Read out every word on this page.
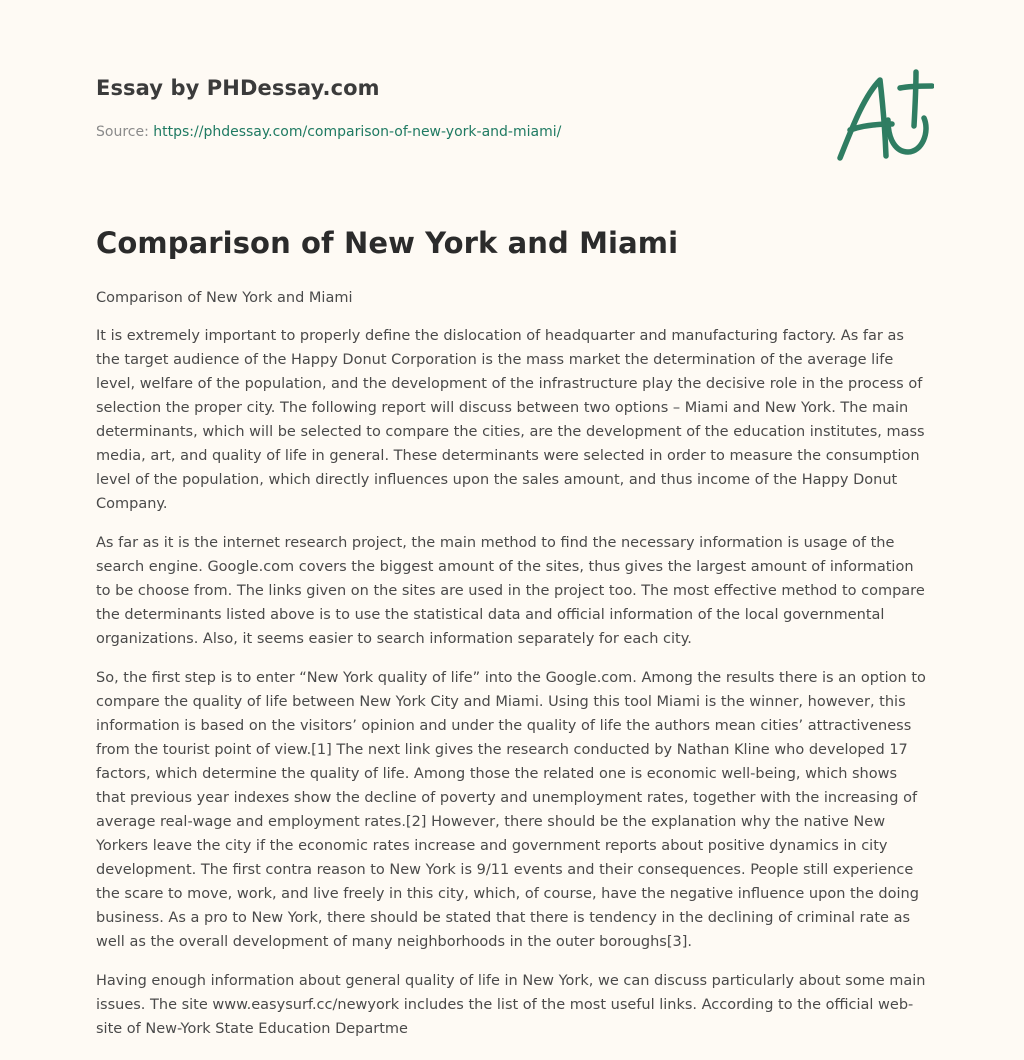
Essay by PHDessay.com
Source: https://phdessay.com/comparison-of-new-york-and-miami/
Comparison of New York and Miami

Comparison of New York and Miami

It is extremely important to properly define the dislocation of headquarter and manufacturing factory. As far as the target audience of the Happy Donut Corporation is the mass market the determination of the average life level, welfare of the population, and the development of the infrastructure play the decisive role in the process of selection the proper city. The following report will discuss between two options – Miami and New York. The main determinants, which will be selected to compare the cities, are the development of the education institutes, mass media, art, and quality of life in general. These determinants were selected in order to measure the consumption level of the population, which directly influences upon the sales amount, and thus income of the Happy Donut Company.

As far as it is the internet research project, the main method to find the necessary information is usage of the search engine. Google.com covers the biggest amount of the sites, thus gives the largest amount of information to be choose from. The links given on the sites are used in the project too. The most effective method to compare the determinants listed above is to use the statistical data and official information of the local governmental organizations. Also, it seems easier to search information separately for each city.

So, the first step is to enter “New York quality of life” into the Google.com. Among the results there is an option to compare the quality of life between New York City and Miami. Using this tool Miami is the winner, however, this information is based on the visitors’ opinion and under the quality of life the authors mean cities’ attractiveness from the tourist point of view.[1] The next link gives the research conducted by Nathan Kline who developed 17 factors, which determine the quality of life. Among those the related one is economic well-being, which shows that previous year indexes show the decline of poverty and unemployment rates, together with the increasing of average real-wage and employment rates.[2] However, there should be the explanation why the native New Yorkers leave the city if the economic rates increase and government reports about positive dynamics in city development. The first contra reason to New York is 9/11 events and their consequences. People still experience the scare to move, work, and live freely in this city, which, of course, have the negative influence upon the doing business. As a pro to New York, there should be stated that there is tendency in the declining of criminal rate as well as the overall development of many neighborhoods in the outer boroughs[3].

Having enough information about general quality of life in New York, we can discuss particularly about some main issues. The site www.easysurf.cc/newyork includes the list of the most useful links. According to the official web-site of New-York State Education Departme
